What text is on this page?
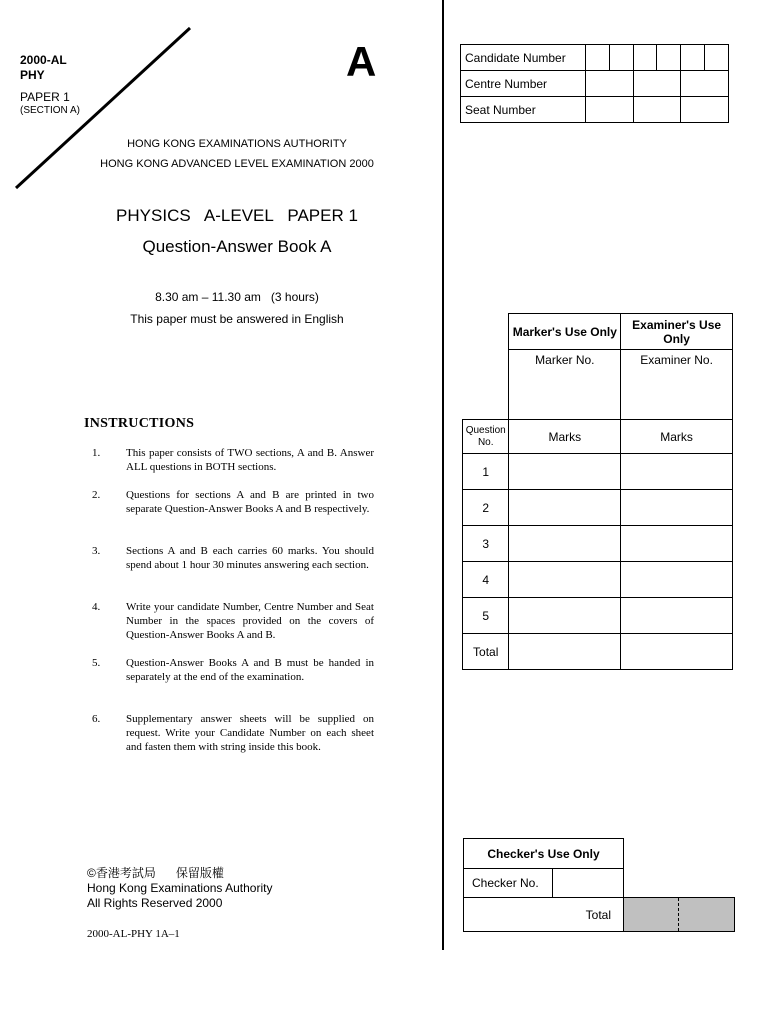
2000-AL
PHY
PAPER 1
(SECTION A)
A
HONG KONG EXAMINATIONS AUTHORITY
HONG KONG ADVANCED LEVEL EXAMINATION 2000
PHYSICS   A-LEVEL   PAPER 1
Question-Answer Book A
8.30 am – 11.30 am   (3 hours)
This paper must be answered in English
INSTRUCTIONS
1. This paper consists of TWO sections, A and B. Answer ALL questions in BOTH sections.
2. Questions for sections A and B are printed in two separate Question-Answer Books A and B respectively.
3. Sections A and B each carries 60 marks. You should spend about 1 hour 30 minutes answering each section.
4. Write your candidate Number, Centre Number and Seat Number in the spaces provided on the covers of Question-Answer Books A and B.
5. Question-Answer Books A and B must be handed in separately at the end of the examination.
6. Supplementary answer sheets will be supplied on request. Write your Candidate Number on each sheet and fasten them with string inside this book.
©香港考試局      保留版權
Hong Kong Examinations Authority
All Rights Reserved 2000
2000-AL-PHY 1A–1
Candidate Number						
Centre Number						
Seat Number						
	Marker's Use Only	Examiner's Use Only
	Marker No.	Examiner No.
Question No.	Marks	Marks
1		
2		
3		
4		
5		
Total		
Checker's Use Only		
Checker No.		
Total		
